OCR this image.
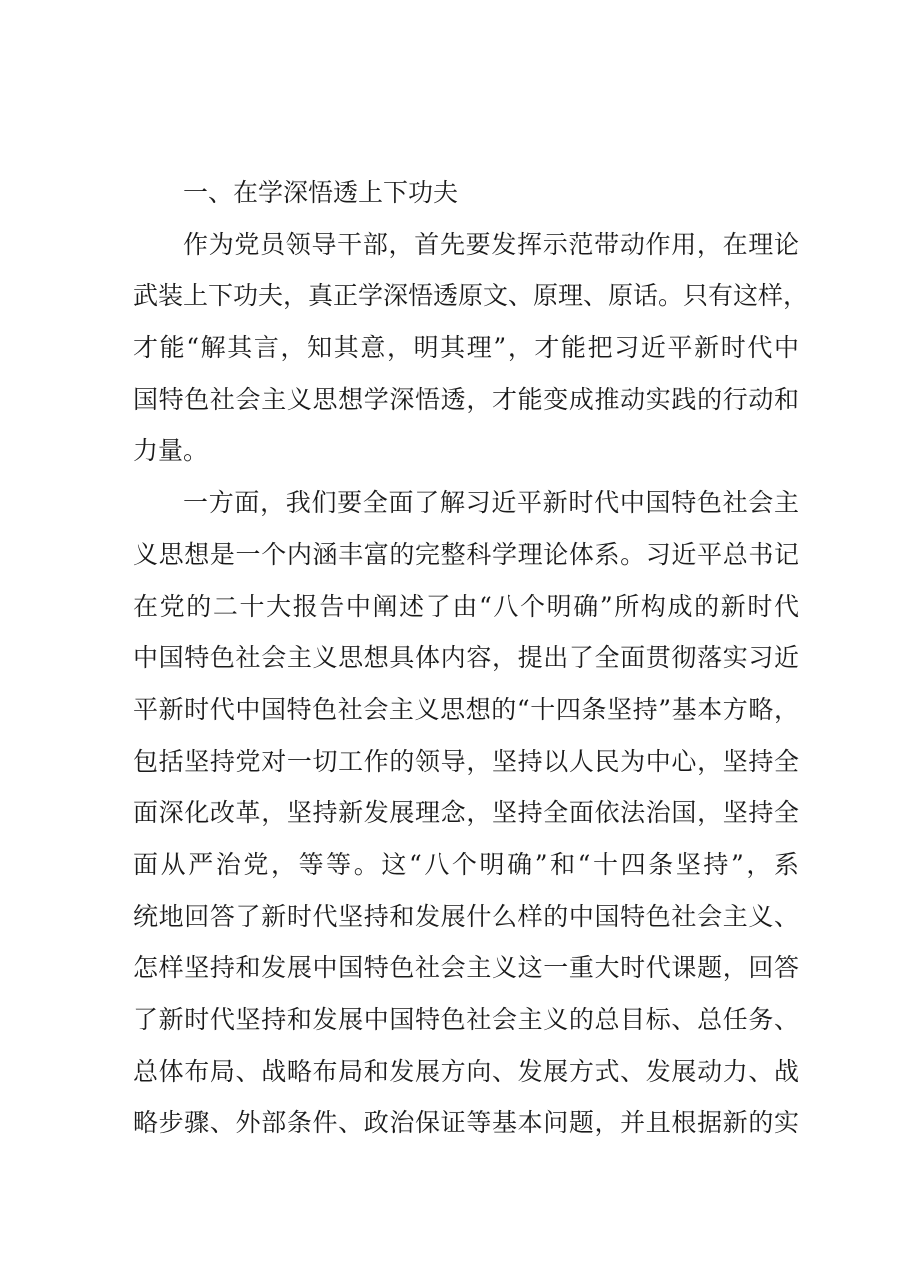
一、在学深悟透上下功夫
作为党员领导干部，首先要发挥示范带动作用，在理论
武装上下功夫，真正学深悟透原文、原理、原话。只有这样，
才能“解其言，知其意，明其理”，才能把习近平新时代中
国特色社会主义思想学深悟透，才能变成推动实践的行动和
力量。
一方面，我们要全面了解习近平新时代中国特色社会主
义思想是一个内涵丰富的完整科学理论体系。习近平总书记
在党的二十大报告中阐述了由“八个明确”所构成的新时代
中国特色社会主义思想具体内容，提出了全面贯彻落实习近
平新时代中国特色社会主义思想的“十四条坚持”基本方略，
包括坚持党对一切工作的领导，坚持以人民为中心，坚持全
面深化改革，坚持新发展理念，坚持全面依法治国，坚持全
面从严治党，等等。这“八个明确”和“十四条坚持”，系
统地回答了新时代坚持和发展什么样的中国特色社会主义、
怎样坚持和发展中国特色社会主义这一重大时代课题，回答
了新时代坚持和发展中国特色社会主义的总目标、总任务、
总体布局、战略布局和发展方向、发展方式、发展动力、战
略步骤、外部条件、政治保证等基本问题，并且根据新的实
